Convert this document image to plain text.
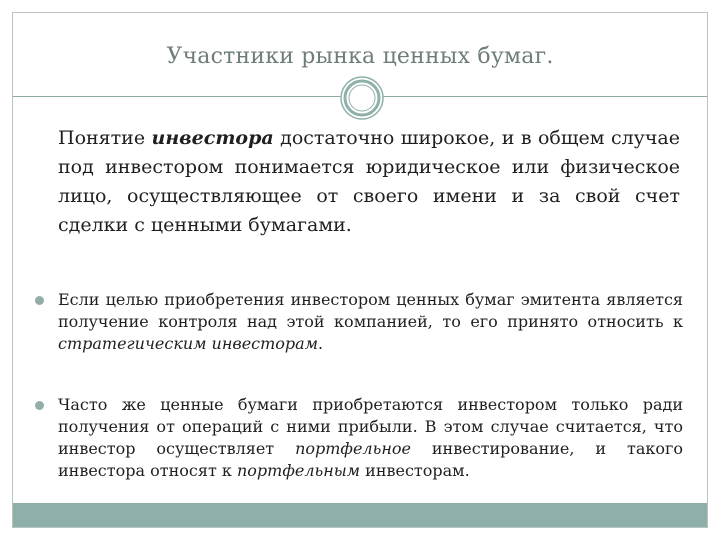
Участники рынка ценных бумаг.
Понятие инвестора достаточно широкое, и в общем случае под инвестором понимается юридическое или физическое лицо, осуществляющее от своего имени и за свой счет сделки с ценными бумагами.
Если целью приобретения инвестором ценных бумаг эмитента является получение контроля над этой компанией, то его принято относить к стратегическим инвесторам.
Часто же ценные бумаги приобретаются инвестором только ради получения от операций с ними прибыли. В этом случае считается, что инвестор осуществляет портфельное инвестирование, и такого инвестора относят к портфельным инвесторам.
